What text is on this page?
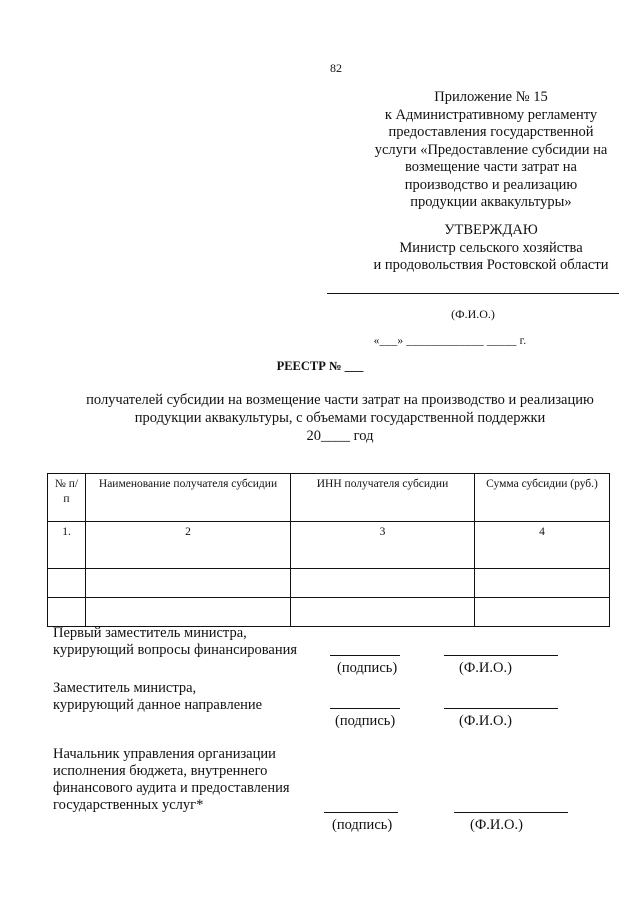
82
Приложение № 15
к Административному регламенту
предоставления государственной
услуги «Предоставление субсидии на
возмещение части затрат на
производство и реализацию
продукции аквакультуры»
УТВЕРЖДАЮ
Министр сельского хозяйства
и продовольствия Ростовской области
(Ф.И.О.)
«___» _____________ _____ г.
РЕЕСТР № ___
получателей субсидии на возмещение части затрат на производство и реализацию
продукции аквакультуры, с объемами государственной поддержки
20____ год
№ п/п	Наименование получателя субсидии	ИНН получателя субсидии	Сумма субсидии (руб.)
1.	2	3	4

Первый заместитель министра,
курирующий вопросы финансирования
(подпись)	(Ф.И.О.)
Заместитель министра,
курирующий данное направление
(подпись)	(Ф.И.О.)
Начальник управления организации
исполнения бюджета, внутреннего
финансового аудита и предоставления
государственных услуг*
(подпись)	(Ф.И.О.)
